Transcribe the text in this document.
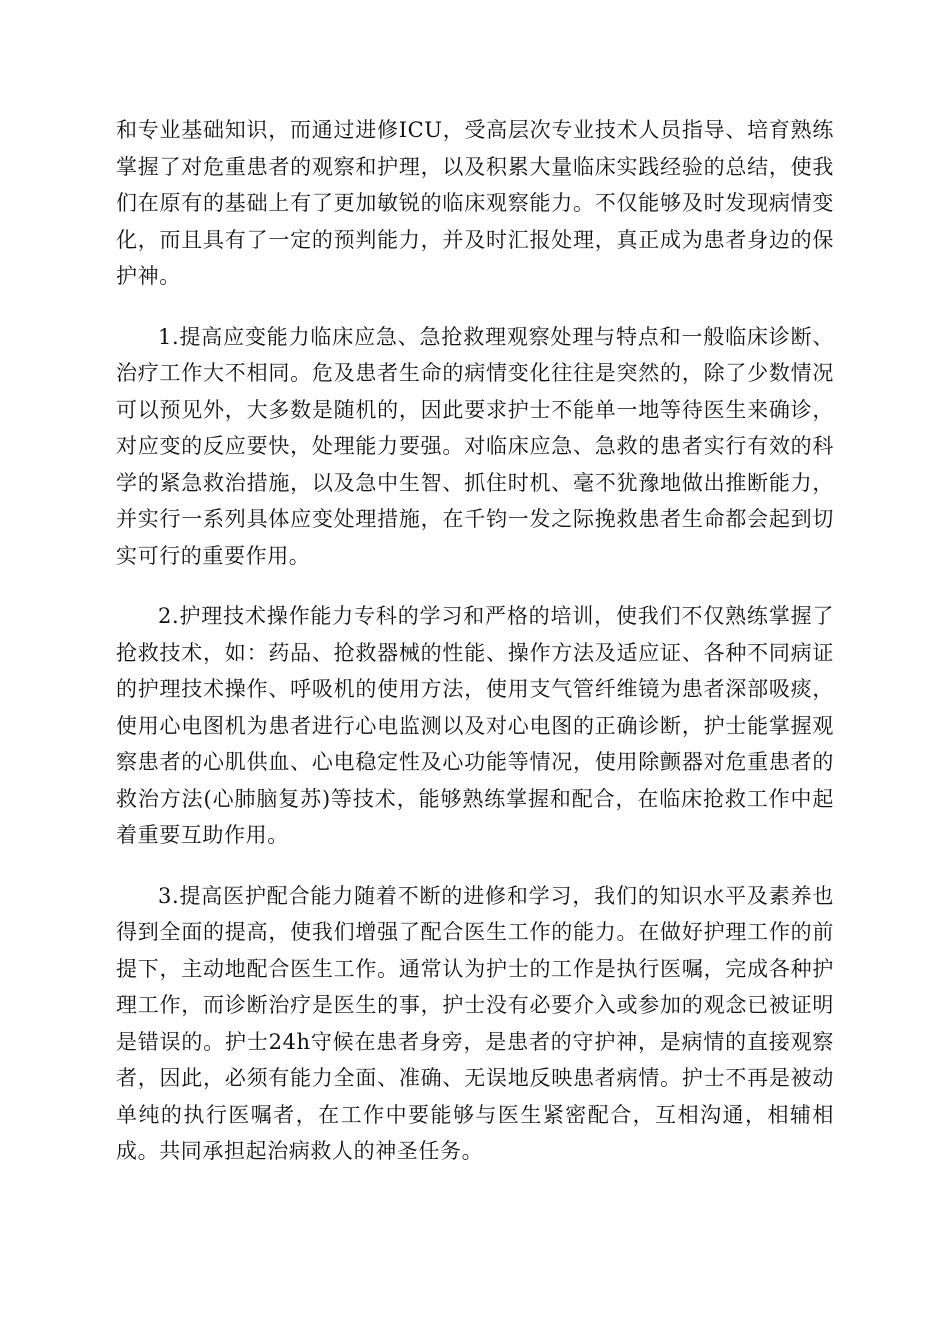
和专业基础知识，而通过进修ICU，受高层次专业技术人员指导、培育熟练掌握了对危重患者的观察和护理，以及积累大量临床实践经验的总结，使我们在原有的基础上有了更加敏锐的临床观察能力。不仅能够及时发现病情变化，而且具有了一定的预判能力，并及时汇报处理，真正成为患者身边的保护神。

1.提高应变能力临床应急、急抢救理观察处理与特点和一般临床诊断、治疗工作大不相同。危及患者生命的病情变化往往是突然的，除了少数情况可以预见外，大多数是随机的，因此要求护士不能单一地等待医生来确诊，对应变的反应要快，处理能力要强。对临床应急、急救的患者实行有效的科学的紧急救治措施，以及急中生智、抓住时机、毫不犹豫地做出推断能力，并实行一系列具体应变处理措施，在千钧一发之际挽救患者生命都会起到切实可行的重要作用。

2.护理技术操作能力专科的学习和严格的培训，使我们不仅熟练掌握了抢救技术，如：药品、抢救器械的性能、操作方法及适应证、各种不同病证的护理技术操作、呼吸机的使用方法，使用支气管纤维镜为患者深部吸痰，使用心电图机为患者进行心电监测以及对心电图的正确诊断，护士能掌握观察患者的心肌供血、心电稳定性及心功能等情况，使用除颤器对危重患者的救治方法(心肺脑复苏)等技术，能够熟练掌握和配合，在临床抢救工作中起着重要互助作用。

3.提高医护配合能力随着不断的进修和学习，我们的知识水平及素养也得到全面的提高，使我们增强了配合医生工作的能力。在做好护理工作的前提下，主动地配合医生工作。通常认为护士的工作是执行医嘱，完成各种护理工作，而诊断治疗是医生的事，护士没有必要介入或参加的观念已被证明是错误的。护士24h守候在患者身旁，是患者的守护神，是病情的直接观察者，因此，必须有能力全面、准确、无误地反映患者病情。护士不再是被动单纯的执行医嘱者，在工作中要能够与医生紧密配合，互相沟通，相辅相成。共同承担起治病救人的神圣任务。
